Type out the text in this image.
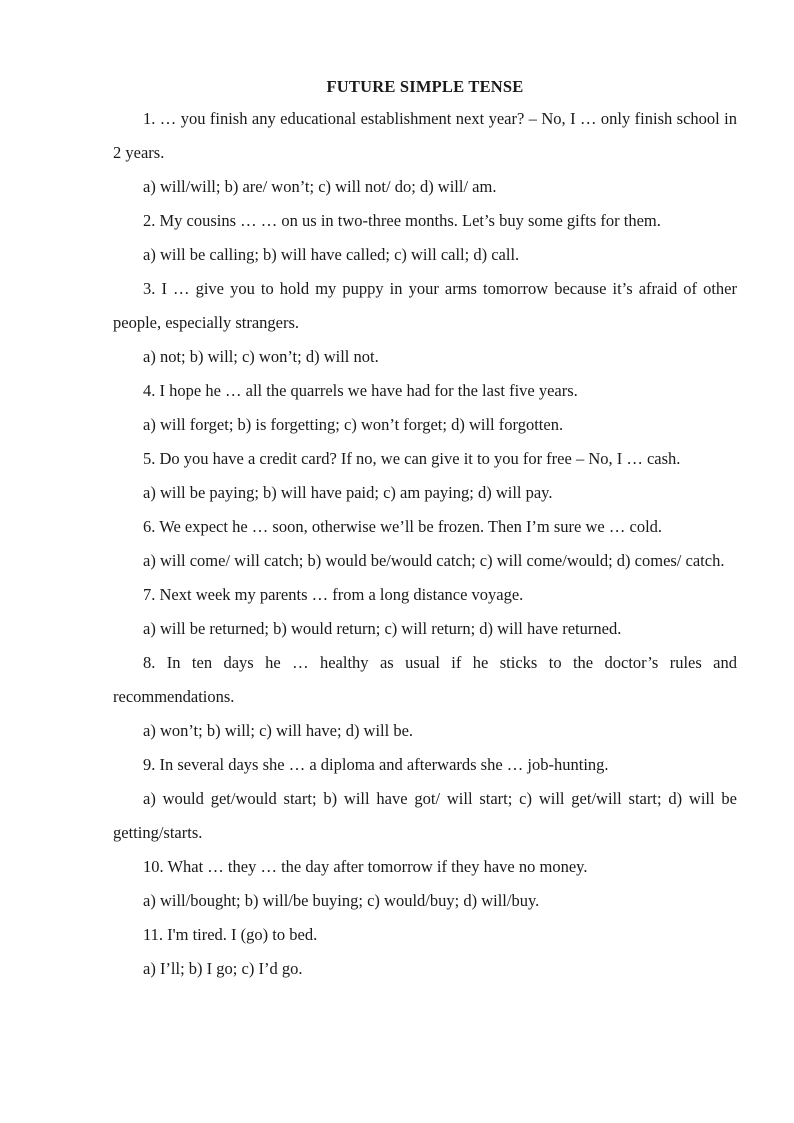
FUTURE SIMPLE TENSE

1. … you finish any educational establishment next year? – No, I … only finish school in 2 years.

a) will/will; b) are/ won’t; c) will not/ do; d) will/ am.

2. My cousins … … on us in two-three months. Let’s buy some gifts for them.

a) will be calling; b) will have called; c) will call; d) call.

3. I … give you to hold my puppy in your arms tomorrow because it’s afraid of other people, especially strangers.

a) not; b) will; c) won’t; d) will not.

4. I hope he … all the quarrels we have had for the last five years.

a) will forget; b) is forgetting; c) won’t forget; d) will forgotten.

5. Do you have a credit card? If no, we can give it to you for free – No, I … cash.

a) will be paying; b) will have paid; c) am paying; d) will pay.

6. We expect he … soon, otherwise we’ll be frozen. Then I’m sure we … cold.

a) will come/ will catch; b) would be/would catch; c) will come/would; d) comes/ catch.

7. Next week my parents … from a long distance voyage.

a) will be returned; b) would return; c) will return; d) will have returned.

8. In ten days he … healthy as usual if he sticks to the doctor’s rules and recommendations.

a) won’t; b) will; c) will have; d) will be.

9. In several days she … a diploma and afterwards she … job-hunting.

a) would get/would start; b) will have got/ will start; c) will get/will start; d) will be getting/starts.

10. What … they … the day after tomorrow if they have no money.

a) will/bought; b) will/be buying; c) would/buy; d) will/buy.

11. I'm tired. I (go) to bed.

a) I’ll; b) I go; c) I’d go.
